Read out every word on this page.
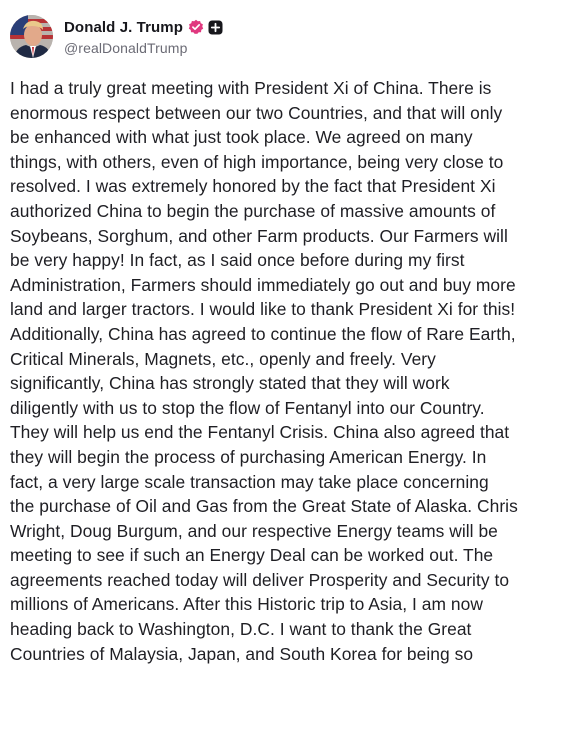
Donald J. Trump
@realDonaldTrump

I had a truly great meeting with President Xi of China. There is
enormous respect between our two Countries, and that will only
be enhanced with what just took place. We agreed on many
things, with others, even of high importance, being very close to
resolved. I was extremely honored by the fact that President Xi
authorized China to begin the purchase of massive amounts of
Soybeans, Sorghum, and other Farm products. Our Farmers will
be very happy! In fact, as I said once before during my first
Administration, Farmers should immediately go out and buy more
land and larger tractors. I would like to thank President Xi for this!
Additionally, China has agreed to continue the flow of Rare Earth,
Critical Minerals, Magnets, etc., openly and freely. Very
significantly, China has strongly stated that they will work
diligently with us to stop the flow of Fentanyl into our Country.
They will help us end the Fentanyl Crisis. China also agreed that
they will begin the process of purchasing American Energy. In
fact, a very large scale transaction may take place concerning
the purchase of Oil and Gas from the Great State of Alaska. Chris
Wright, Doug Burgum, and our respective Energy teams will be
meeting to see if such an Energy Deal can be worked out. The
agreements reached today will deliver Prosperity and Security to
millions of Americans. After this Historic trip to Asia, I am now
heading back to Washington, D.C. I want to thank the Great
Countries of Malaysia, Japan, and South Korea for being so
